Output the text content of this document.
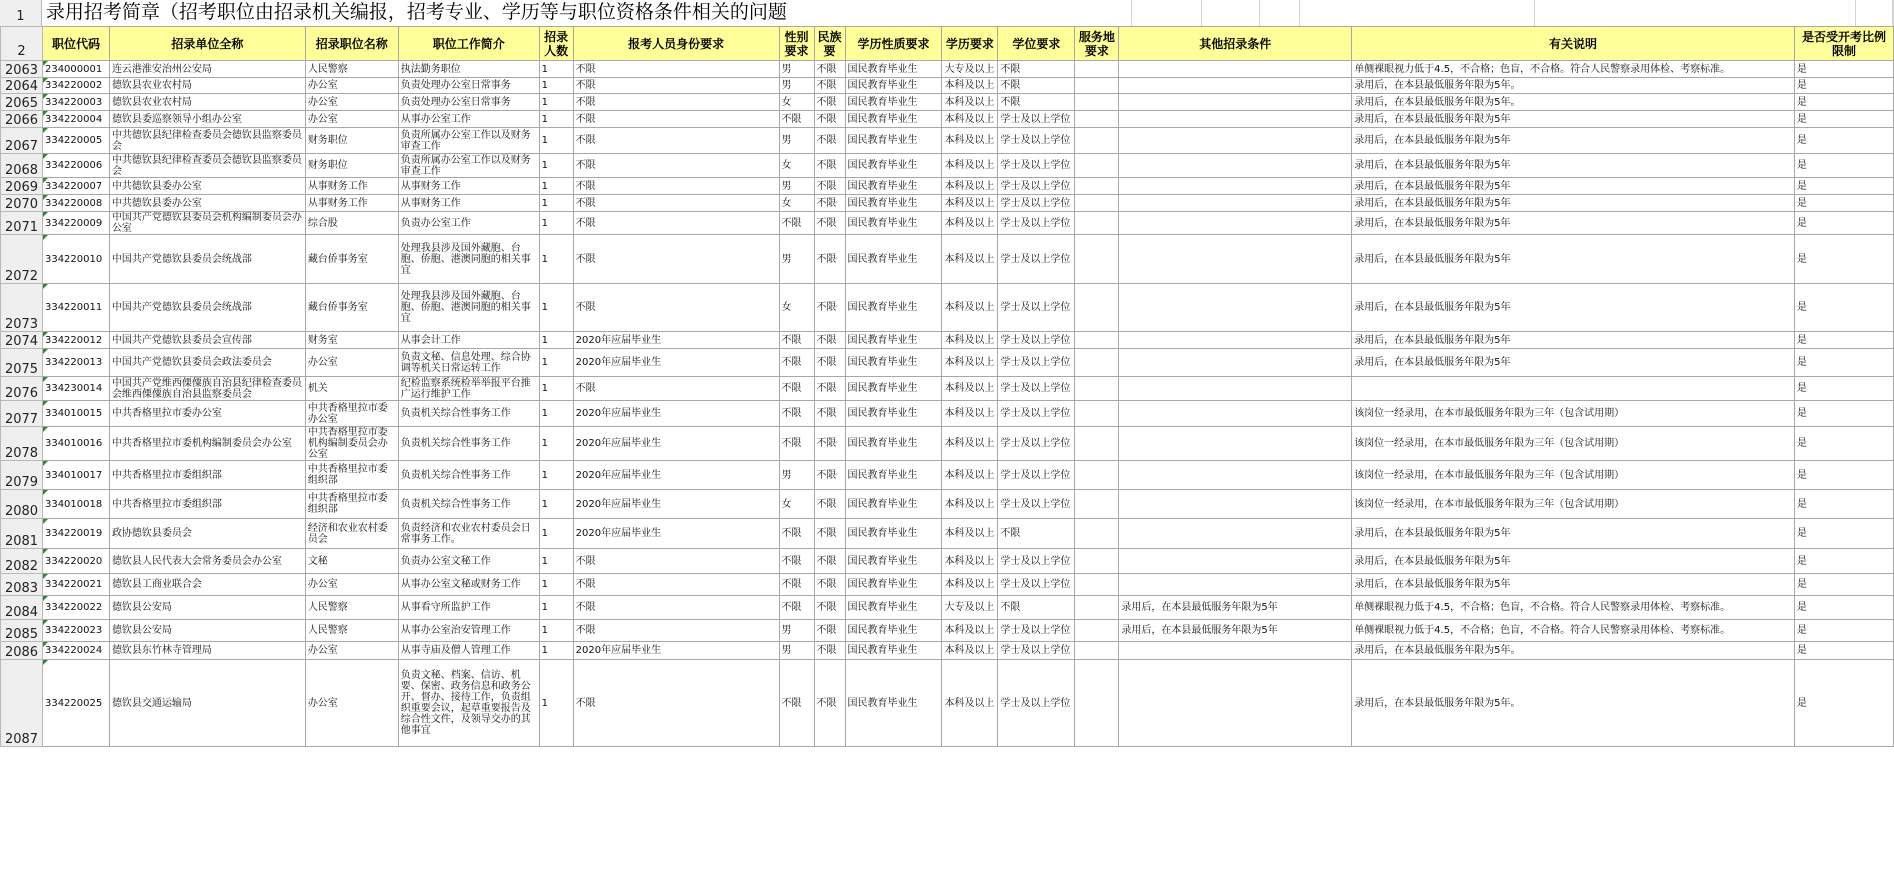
1	录用招考简章（招考职位由招录机关编报，招考专业、学历等与职位资格条件相关的问题
2	职位代码	招录单位全称	招录职位名称	职位工作简介	招录人数	报考人员身份要求	性别要求	民族要	学历性质要求	学历要求	学位要求	服务地要求	其他招录条件	有关说明	是否受开考比例限制
2063	234000001	连云港淮安治州公安局	人民警察	执法勤务职位	1	不限	男	不限	国民教育毕业生	大专及以上	不限			单侧裸眼视力低于4.5，不合格；色盲，不合格。符合人民警察录用体检、考察标准。	是
2064	334220002	德钦县农业农村局	办公室	负责处理办公室日常事务	1	不限	男	不限	国民教育毕业生	本科及以上	不限			录用后，在本县最低服务年限为5年。	是
2065	334220003	德钦县农业农村局	办公室	负责处理办公室日常事务	1	不限	女	不限	国民教育毕业生	本科及以上	不限			录用后，在本县最低服务年限为5年。	是
2066	334220004	德钦县委巡察领导小组办公室	办公室	从事办公室工作	1	不限	不限	不限	国民教育毕业生	本科及以上	学士及以上学位			录用后，在本县最低服务年限为5年	是
2067	334220005	中共德钦县纪律检查委员会德钦县监察委员会	财务职位	负责所属办公室工作以及财务审查工作	1	不限	男	不限	国民教育毕业生	本科及以上	学士及以上学位			录用后，在本县最低服务年限为5年	是
2068	334220006	中共德钦县纪律检查委员会德钦县监察委员会	财务职位	负责所属办公室工作以及财务审查工作	1	不限	女	不限	国民教育毕业生	本科及以上	学士及以上学位			录用后，在本县最低服务年限为5年	是
2069	334220007	中共德钦县委办公室	从事财务工作	从事财务工作	1	不限	男	不限	国民教育毕业生	本科及以上	学士及以上学位			录用后，在本县最低服务年限为5年	是
2070	334220008	中共德钦县委办公室	从事财务工作	从事财务工作	1	不限	女	不限	国民教育毕业生	本科及以上	学士及以上学位			录用后，在本县最低服务年限为5年	是
2071	334220009	中国共产党德钦县委员会机构编制委员会办公室	综合股	负责办公室工作	1	不限	不限	不限	国民教育毕业生	本科及以上	学士及以上学位			录用后，在本县最低服务年限为5年	是
2072	334220010	中国共产党德钦县委员会统战部	藏台侨事务室	处理我县涉及国外藏胞、台胞、侨胞、港澳同胞的相关事宜	1	不限	男	不限	国民教育毕业生	本科及以上	学士及以上学位			录用后，在本县最低服务年限为5年	是
2073	334220011	中国共产党德钦县委员会统战部	藏台侨事务室	处理我县涉及国外藏胞、台胞、侨胞、港澳同胞的相关事宜	1	不限	女	不限	国民教育毕业生	本科及以上	学士及以上学位			录用后，在本县最低服务年限为5年	是
2074	334220012	中国共产党德钦县委员会宣传部	财务室	从事会计工作	1	2020年应届毕业生	不限	不限	国民教育毕业生	本科及以上	学士及以上学位			录用后，在本县最低服务年限为5年	是
2075	334220013	中国共产党德钦县委员会政法委员会	办公室	负责文秘、信息处理、综合协调等机关日常运转工作	1	2020年应届毕业生	不限	不限	国民教育毕业生	本科及以上	学士及以上学位			录用后，在本县最低服务年限为5年	是
2076	334230014	中国共产党维西傈僳族自治县纪律检查委员会维西傈僳族自治县监察委员会	机关	纪检监察系统检举举报平台推广运行维护工作	1	不限	不限	不限	国民教育毕业生	本科及以上	学士及以上学位				是
2077	334010015	中共香格里拉市委办公室	中共香格里拉市委办公室	负责机关综合性事务工作	1	2020年应届毕业生	不限	不限	国民教育毕业生	本科及以上	学士及以上学位			该岗位一经录用，在本市最低服务年限为三年（包含试用期）	是
2078	334010016	中共香格里拉市委机构编制委员会办公室	中共香格里拉市委机构编制委员会办公室	负责机关综合性事务工作	1	2020年应届毕业生	不限	不限	国民教育毕业生	本科及以上	学士及以上学位			该岗位一经录用，在本市最低服务年限为三年（包含试用期）	是
2079	334010017	中共香格里拉市委组织部	中共香格里拉市委组织部	负责机关综合性事务工作	1	2020年应届毕业生	男	不限	国民教育毕业生	本科及以上	学士及以上学位			该岗位一经录用，在本市最低服务年限为三年（包含试用期）	是
2080	334010018	中共香格里拉市委组织部	中共香格里拉市委组织部	负责机关综合性事务工作	1	2020年应届毕业生	女	不限	国民教育毕业生	本科及以上	学士及以上学位			该岗位一经录用，在本市最低服务年限为三年（包含试用期）	是
2081	334220019	政协德钦县委员会	经济和农业农村委员会	负责经济和农业农村委员会日常事务工作。	1	2020年应届毕业生	不限	不限	国民教育毕业生	本科及以上	不限			录用后，在本县最低服务年限为5年	是
2082	334220020	德钦县人民代表大会常务委员会办公室	文秘	负责办公室文秘工作	1	不限	不限	不限	国民教育毕业生	本科及以上	学士及以上学位			录用后，在本县最低服务年限为5年	是
2083	334220021	德钦县工商业联合会	办公室	从事办公室文秘或财务工作	1	不限	不限	不限	国民教育毕业生	本科及以上	学士及以上学位			录用后，在本县最低服务年限为5年	是
2084	334220022	德钦县公安局	人民警察	从事看守所监护工作	1	不限	不限	不限	国民教育毕业生	大专及以上	不限		录用后，在本县最低服务年限为5年	单侧裸眼视力低于4.5，不合格；色盲，不合格。符合人民警察录用体检、考察标准。	是
2085	334220023	德钦县公安局	人民警察	从事办公室治安管理工作	1	不限	男	不限	国民教育毕业生	本科及以上	学士及以上学位		录用后，在本县最低服务年限为5年	单侧裸眼视力低于4.5，不合格；色盲，不合格。符合人民警察录用体检、考察标准。	是
2086	334220024	德钦县东竹林寺管理局	办公室	从事寺庙及僧人管理工作	1	2020年应届毕业生	男	不限	国民教育毕业生	本科及以上	学士及以上学位			录用后，在本县最低服务年限为5年。	是
2087	334220025	德钦县交通运输局	办公室	负责文秘、档案、信访、机要、保密、政务信息和政务公开、督办、接待工作，负责组织重要会议，起草重要报告及综合性文件，及领导交办的其他事宜	1	不限	不限	不限	国民教育毕业生	本科及以上	学士及以上学位			录用后，在本县最低服务年限为5年。	是
